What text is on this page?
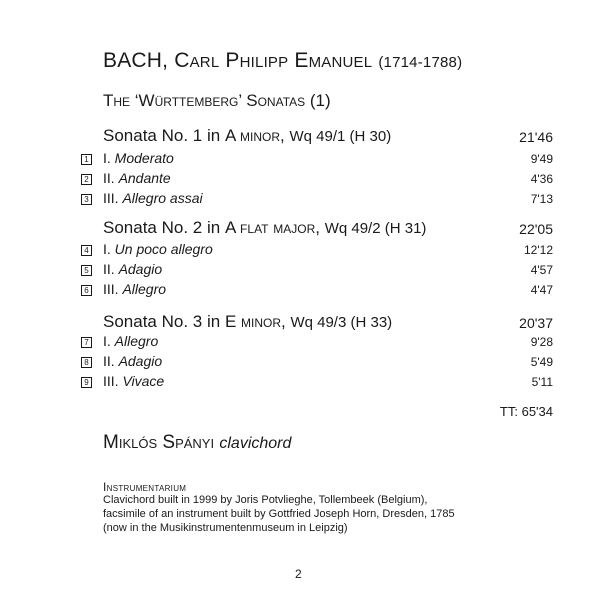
BACH, Carl Philipp Emanuel (1714-1788)
The ‘Württemberg’ Sonatas (1)
Sonata No. 1 in A minor, Wq 49/1 (H 30)	21'46
1 I. Moderato	9'49
2 II. Andante	4'36
3 III. Allegro assai	7'13
Sonata No. 2 in A flat major, Wq 49/2 (H 31)	22'05
4 I. Un poco allegro	12'12
5 II. Adagio	4'57
6 III. Allegro	4'47
Sonata No. 3 in E minor, Wq 49/3 (H 33)	20'37
7 I. Allegro	9'28
8 II. Adagio	5'49
9 III. Vivace	5'11
TT: 65'34
Miklós Spányi clavichord
Instrumentarium
Clavichord built in 1999 by Joris Potvlieghe, Tollembeek (Belgium),
facsimile of an instrument built by Gottfried Joseph Horn, Dresden, 1785
(now in the Musikinstrumentenmuseum in Leipzig)
2
